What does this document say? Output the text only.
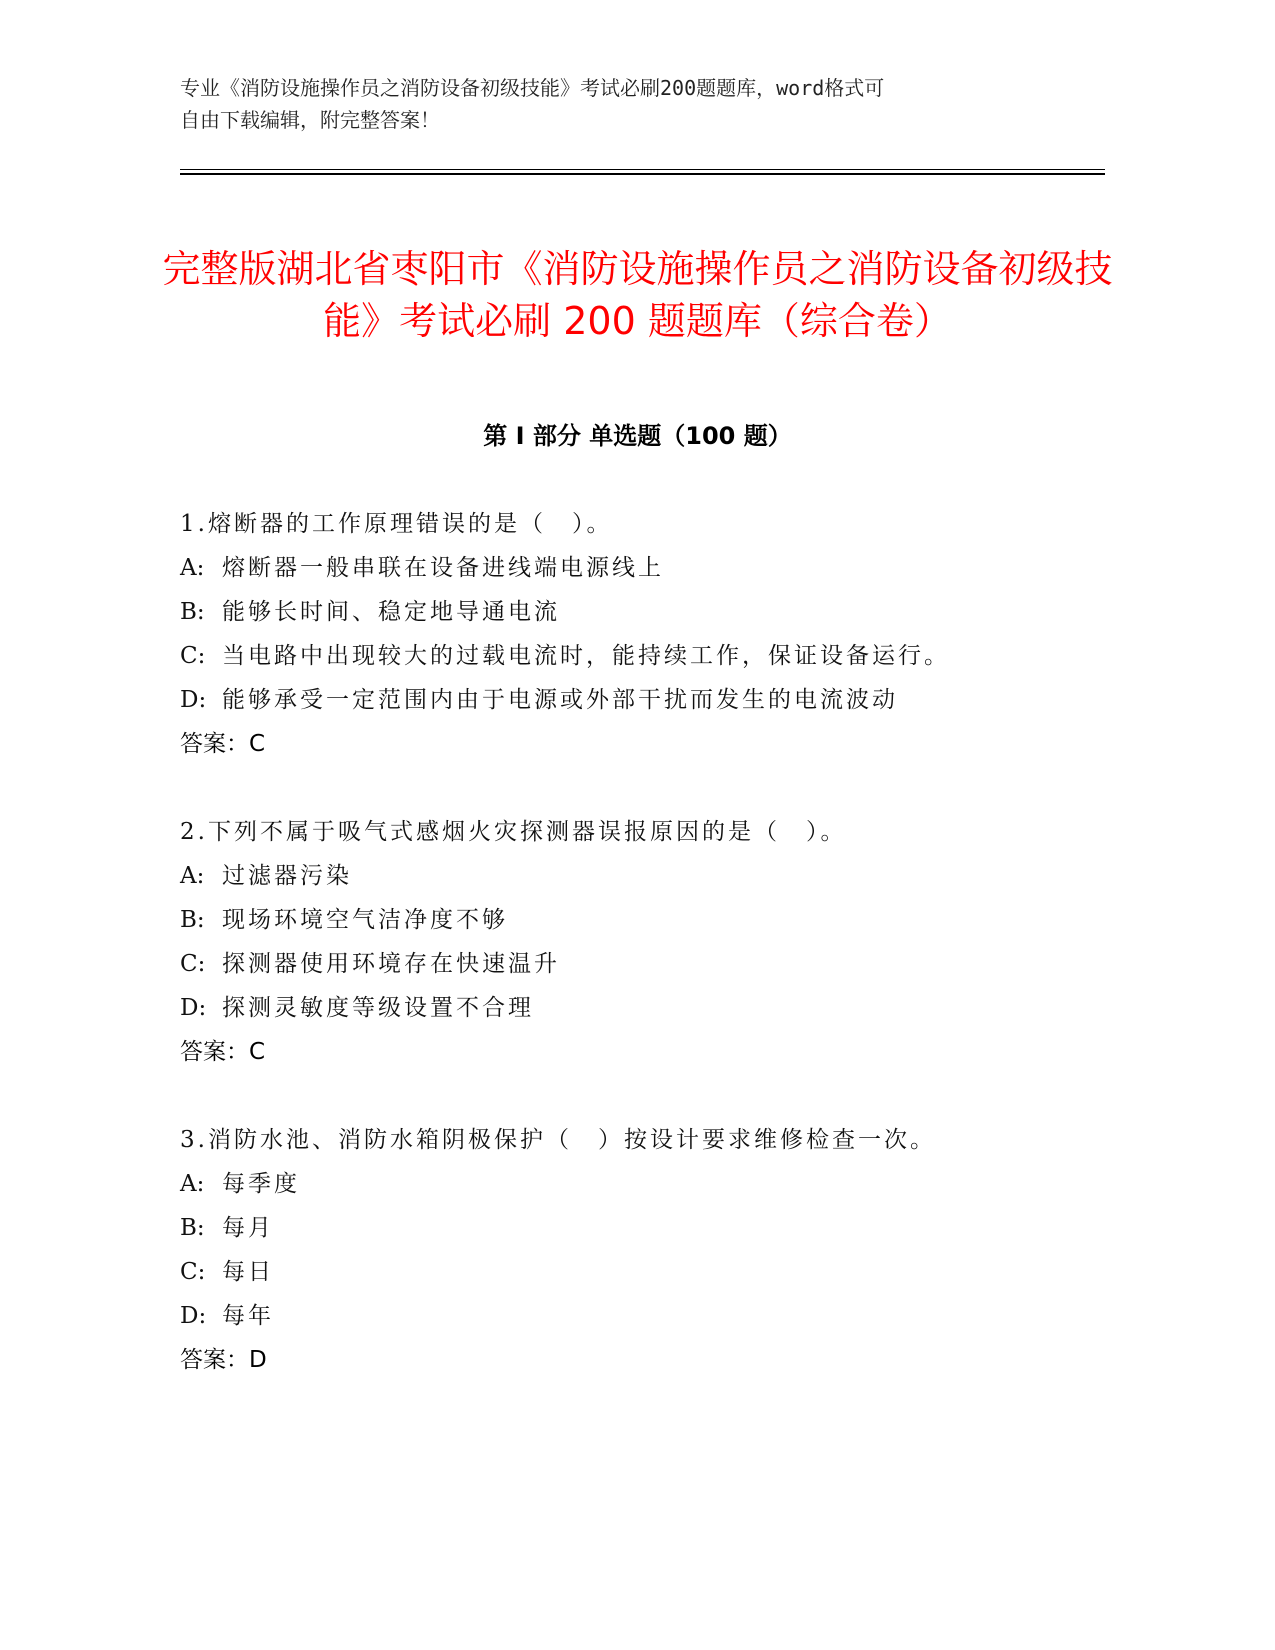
专业《消防设施操作员之消防设备初级技能》考试必刷200题题库，word格式可
自由下载编辑，附完整答案！
完整版湖北省枣阳市《消防设施操作员之消防设备初级技能》考试必刷 200 题题库（综合卷）
第 I 部分 单选题（100 题）
1.熔断器的工作原理错误的是（　）。
A: 熔断器一般串联在设备进线端电源线上
B: 能够长时间、稳定地导通电流
C: 当电路中出现较大的过载电流时，能持续工作，保证设备运行。
D: 能够承受一定范围内由于电源或外部干扰而发生的电流波动
答案：C
2.下列不属于吸气式感烟火灾探测器误报原因的是（　）。
A: 过滤器污染
B: 现场环境空气洁净度不够
C: 探测器使用环境存在快速温升
D: 探测灵敏度等级设置不合理
答案：C
3.消防水池、消防水箱阴极保护（　）按设计要求维修检查一次。
A: 每季度
B: 每月
C: 每日
D: 每年
答案：D
